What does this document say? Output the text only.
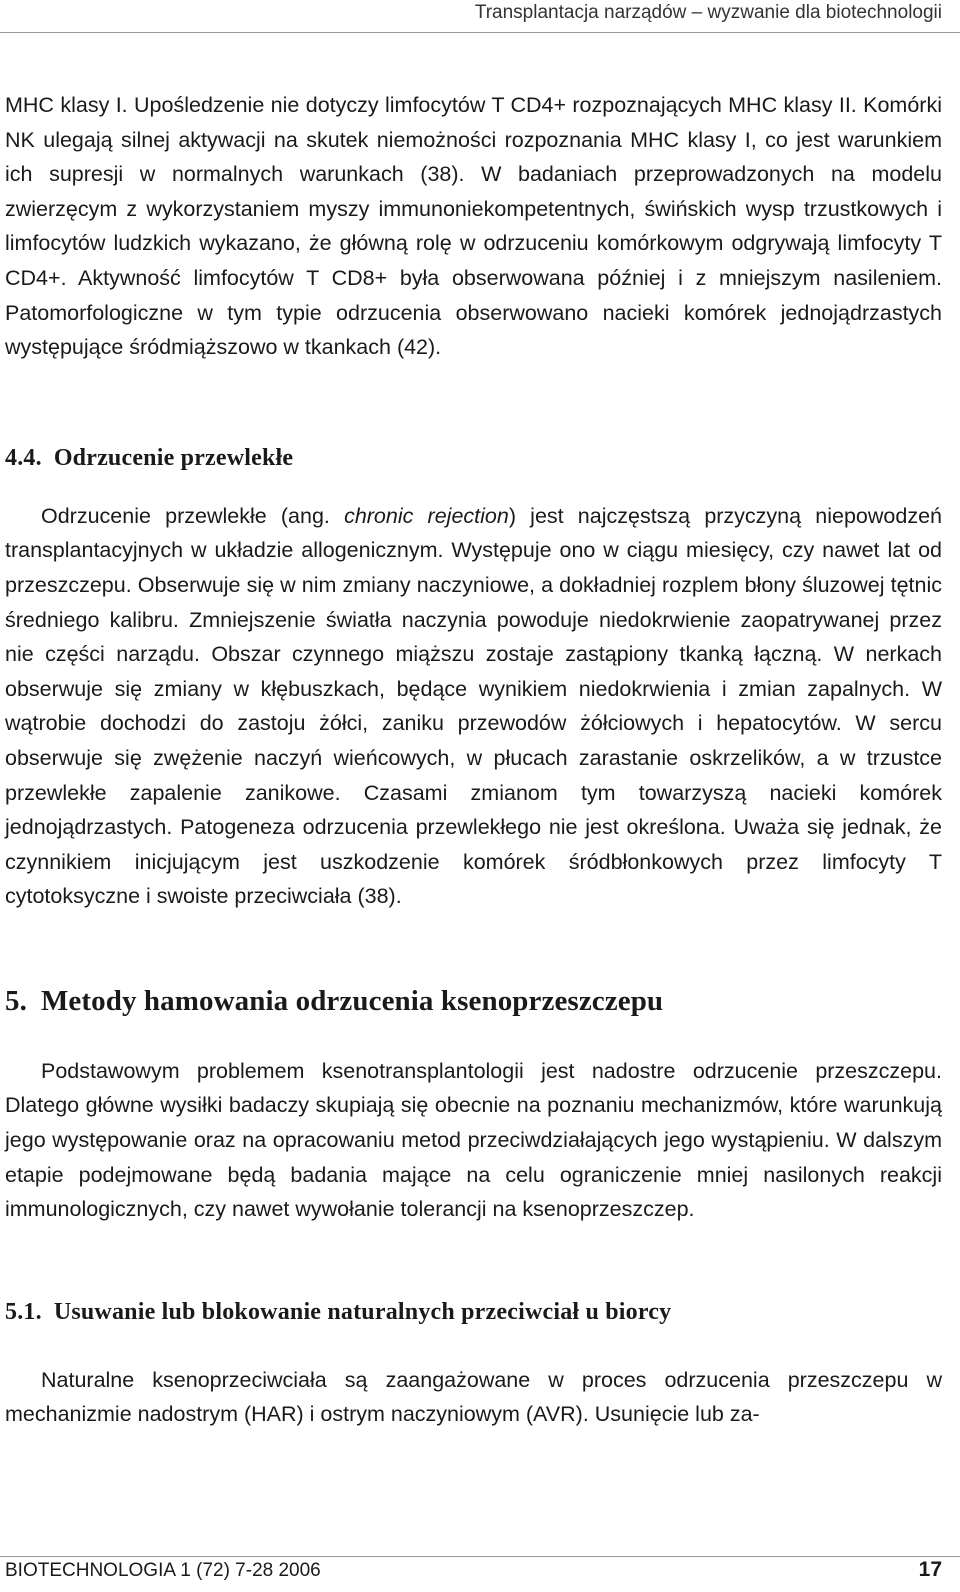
Transplantacja narządów – wyzwanie dla biotechnologii

MHC klasy I. Upośledzenie nie dotyczy limfocytów T CD4+ rozpoznających MHC klasy II. Komórki NK ulegają silnej aktywacji na skutek niemożności rozpoznania MHC klasy I, co jest warunkiem ich supresji w normalnych warunkach (38). W badaniach przeprowadzonych na modelu zwierzęcym z wykorzystaniem myszy immunoniekompetentnych, świńskich wysp trzustkowych i limfocytów ludzkich wykazano, że główną rolę w odrzuceniu komórkowym odgrywają limfocyty T CD4+. Aktywność limfocytów T CD8+ była obserwowana później i z mniejszym nasileniem. Patomorfologiczne w tym typie odrzucenia obserwowano nacieki komórek jednojądrzastych występujące śródmiąższowo w tkankach (42).

4.4. Odrzucenie przewlekłe

Odrzucenie przewlekłe (ang. chronic rejection) jest najczęstszą przyczyną niepowodzeń transplantacyjnych w układzie allogenicznym. Występuje ono w ciągu miesięcy, czy nawet lat od przeszczepu. Obserwuje się w nim zmiany naczyniowe, a dokładniej rozplem błony śluzowej tętnic średniego kalibru. Zmniejszenie światła naczynia powoduje niedokrwienie zaopatrywanej przez nie części narządu. Obszar czynnego miąższu zostaje zastąpiony tkanką łączną. W nerkach obserwuje się zmiany w kłębuszkach, będące wynikiem niedokrwienia i zmian zapalnych. W wątrobie dochodzi do zastoju żółci, zaniku przewodów żółciowych i hepatocytów. W sercu obserwuje się zwężenie naczyń wieńcowych, w płucach zarastanie oskrzelików, a w trzustce przewlekłe zapalenie zanikowe. Czasami zmianom tym towarzyszą nacieki komórek jednojądrzastych. Patogeneza odrzucenia przewlekłego nie jest określona. Uważa się jednak, że czynnikiem inicjującym jest uszkodzenie komórek śródbłonkowych przez limfocyty T cytotoksyczne i swoiste przeciwciała (38).

5. Metody hamowania odrzucenia ksenoprzeszczepu

Podstawowym problemem ksenotransplantologii jest nadostre odrzucenie przeszczepu. Dlatego główne wysiłki badaczy skupiają się obecnie na poznaniu mechanizmów, które warunkują jego występowanie oraz na opracowaniu metod przeciwdziałających jego wystąpieniu. W dalszym etapie podejmowane będą badania mające na celu ograniczenie mniej nasilonych reakcji immunologicznych, czy nawet wywołanie tolerancji na ksenoprzeszczep.

5.1. Usuwanie lub blokowanie naturalnych przeciwciał u biorcy

Naturalne ksenoprzeciwciała są zaangażowane w proces odrzucenia przeszczepu w mechanizmie nadostrym (HAR) i ostrym naczyniowym (AVR). Usunięcie lub za-

BIOTECHNOLOGIA 1 (72) 7-28 2006	17
